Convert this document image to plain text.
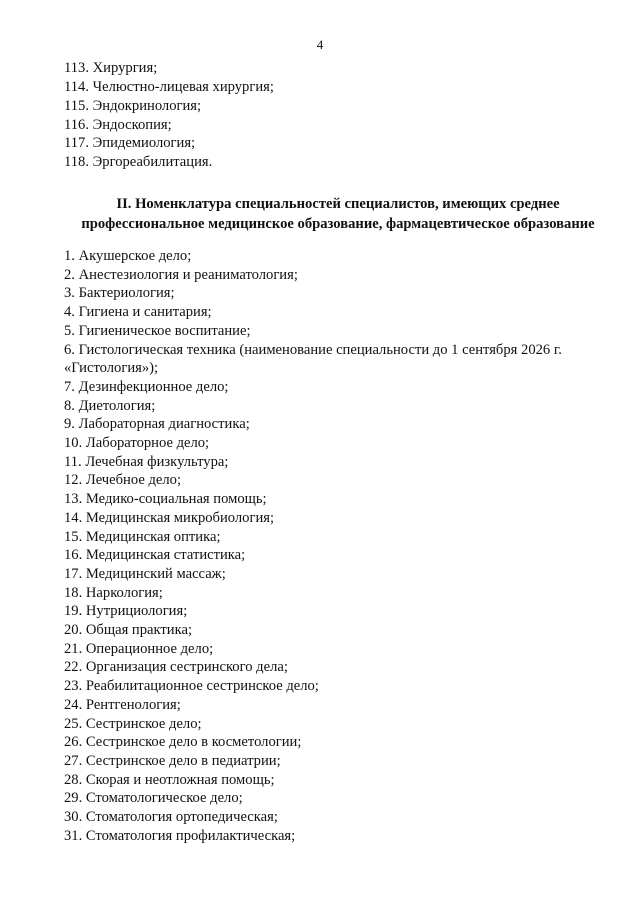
4
113. Хирургия;
114. Челюстно-лицевая хирургия;
115. Эндокринология;
116. Эндоскопия;
117. Эпидемиология;
118. Эргореабилитация.
II. Номенклатура специальностей специалистов, имеющих среднее
профессиональное медицинское образование, фармацевтическое образование
1. Акушерское дело;
2. Анестезиология и реаниматология;
3. Бактериология;
4. Гигиена и санитария;
5. Гигиеническое воспитание;
6. Гистологическая техника (наименование специальности до 1 сентября 2026 г.
«Гистология»);
7. Дезинфекционное дело;
8. Диетология;
9. Лабораторная диагностика;
10. Лабораторное дело;
11. Лечебная физкультура;
12. Лечебное дело;
13. Медико-социальная помощь;
14. Медицинская микробиология;
15. Медицинская оптика;
16. Медицинская статистика;
17. Медицинский массаж;
18. Наркология;
19. Нутрициология;
20. Общая практика;
21. Операционное дело;
22. Организация сестринского дела;
23. Реабилитационное сестринское дело;
24. Рентгенология;
25. Сестринское дело;
26. Сестринское дело в косметологии;
27. Сестринское дело в педиатрии;
28. Скорая и неотложная помощь;
29. Стоматологическое дело;
30. Стоматология ортопедическая;
31. Стоматология профилактическая;
